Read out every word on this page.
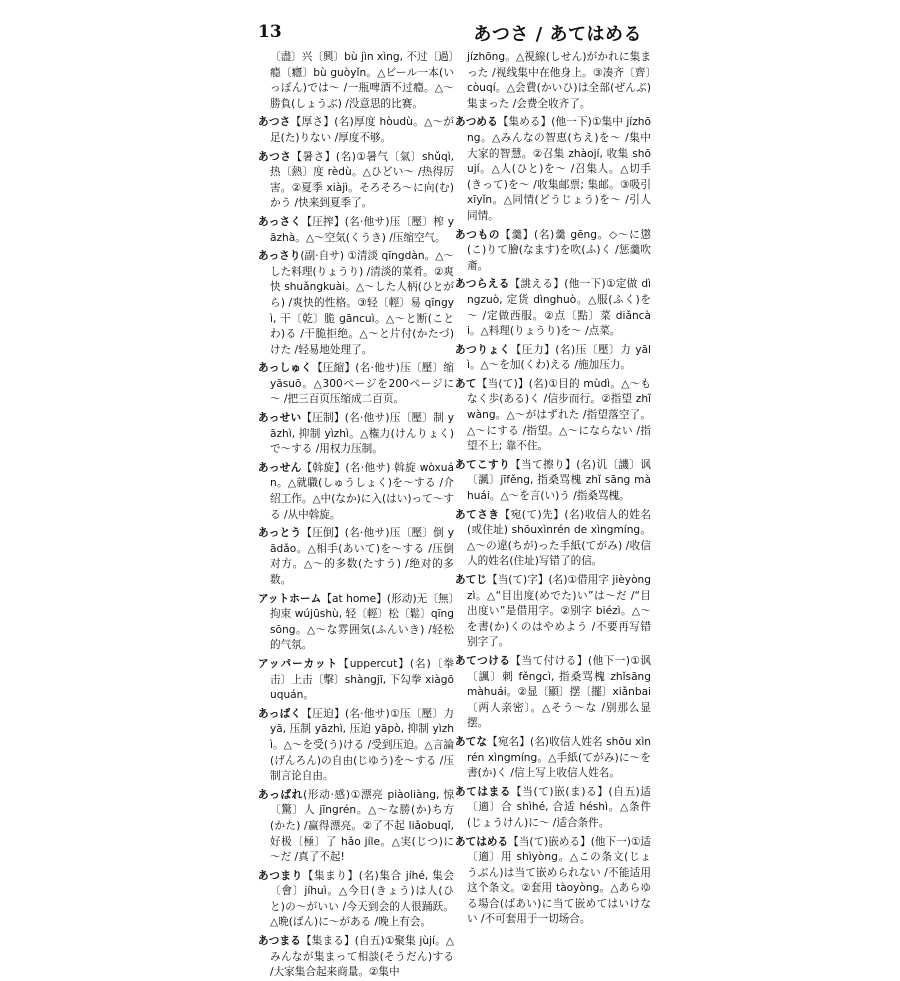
13	あつさ / あてはめる

〔盡〕兴〔興〕bù jìn xìng, 不过〔過〕瘾〔癮〕bù guòyǐn。△ビール一本(いっぽん)では～ /一瓶啤酒不过瘾。△～勝負(しょうぶ) /没意思的比赛。

あつさ【厚さ】(名)厚度 hòudù。△～が足(た)りない /厚度不够。

あつさ【暑さ】(名)①暑气〔氣〕shǔqì, 热〔熱〕度 rèdù。△ひどい～ /热得厉害。②夏季 xiàjì。そろそろ～に向(む)かう /快来到夏季了。

あっさく【圧搾】(名·他サ)压〔壓〕榨 yāzhà。△～空気(くうき) /压缩空气。

あっさり(副·自サ) ①清淡 qīngdàn。△～した料理(りょうり) /清淡的菜肴。②爽快 shuǎngkuài。△～した人柄(ひとがら) /爽快的性格。③轻〔輕〕易 qīngyì, 干〔乾〕脆 gāncuì。△～と断(ことわ)る /干脆拒绝。△～と片付(かたづ)けた /轻易地处理了。

あっしゅく【圧縮】(名·他サ)压〔壓〕缩 yāsuō。△300ページを200ページに～ /把三百页压缩成二百页。

あっせい【圧制】(名·他サ)压〔壓〕制 yāzhì, 抑制 yìzhì。△権力(けんりょく)で～する /用权力压制。

あっせん【斡旋】(名·他サ) 斡旋 wòxuán。△就職(しゅうしょく)を～する /介绍工作。△中(なか)に入(はい)って～する /从中斡旋。

あっとう【圧倒】(名·他サ)压〔壓〕倒 yādǎo。△相手(あいて)を～する /压倒对方。△～的多数(たすう) /绝对的多数。

アットホーム【at home】(形动)无〔無〕拘束 wújūshù, 轻〔輕〕松〔鬆〕qīng sōng。△～な雰囲気(ふんいき) /轻松的气氛。

アッパーカット【uppercut】(名)〔拳击〕上击〔擊〕shàngjī, 下勾拳 xiàgōuquán。

あっぱく【圧迫】(名·他サ)①压〔壓〕力 yā, 压制 yāzhì, 压迫 yāpò, 抑制 yìzhì。△～を受(う)ける /受到压迫。△言論(げんろん)の自由(じゆう)を～する /压制言论自由。

あっぱれ(形动·感)①漂亮 piàoliàng, 惊〔驚〕人 jīngrén。△～な勝(か)ち方(かた) /赢得漂亮。②了不起 liǎobuqǐ, 好极〔極〕了 hǎo jíle。△実(じつ)に～だ /真了不起!

あつまり【集まり】(名)集合 jíhé, 集会〔會〕jíhuì。△今日(きょう)は人(ひと)の～がいい /今天到会的人很踊跃。△晩(ばん)に～がある /晚上有会。

あつまる【集まる】(自五)①聚集 jùjí。△みんなが集まって相談(そうだん)する /大家集合起来商量。②集中

jízhōng。△視線(しせん)がかれに集まった /视线集中在他身上。③凑齐〔齊〕còuqí。△会費(かいひ)は全部(ぜんぶ)集まった /会费全收齐了。

あつめる【集める】(他一下)①集中 jízhōng。△みんなの智恵(ちえ)を～ /集中大家的智慧。②召集 zhàojí, 收集 shōují。△人(ひと)を～ /召集人。△切手(きって)を～ /收集邮票; 集邮。③吸引 xīyǐn。△同情(どうじょう)を～ /引人同情。

あつもの【羹】(名)羹 gēng。◇～に懲(こ)りて膾(なます)を吹(ふ)く /惩羹吹齑。

あつらえる【誂える】(他一下)①定做 dìngzuò, 定货 dìnghuò。△服(ふく)を～ /定做西服。②点〔點〕菜 diǎncài。△料理(りょうり)を～ /点菜。

あつりょく【圧力】(名)压〔壓〕力 yālì。△～を加(くわ)える /施加压力。

あて【当(て)】(名)①目的 mùdì。△～もなく歩(ある)く /信步而行。②指望 zhǐwàng。△～がはずれた /指望落空了。△～にする /指望。△～にならない /指望不上; 靠不住。

あてこすり【当て擦り】(名)讥〔譏〕讽〔諷〕jīfěng, 指桑骂槐 zhǐ sāng mà huái。△～を言(い)う /指桑骂槐。

あてさき【宛(て)先】(名)收信人的姓名(或住址) shōuxìnrén de xìngmíng。△～の違(ちが)った手紙(てがみ) /收信人的姓名(住址)写错了的信。

あてじ【当(て)字】(名)①借用字 jièyòngzì。△“目出度(めでた)い”は～だ /“目出度い”是借用字。②别字 biézì。△～を書(か)くのはやめよう /不要再写错别字了。

あてつける【当て付ける】(他下一)①讽〔諷〕刺 fěngcì, 指桑骂槐 zhǐsāng màhuái。②显〔顯〕摆〔擺〕xiǎnbai〔两人亲密〕。△そう～な /别那么显摆。

あてな【宛名】(名)收信人姓名 shōu xìnrén xìngmíng。△手紙(てがみ)に～を書(か)く /信上写上收信人姓名。

あてはまる【当(て)嵌(ま)る】(自五)适〔適〕合 shìhé, 合适 héshì。△条件(じょうけん)に～ /适合条件。

あてはめる【当(て)嵌める】(他下一)①适〔適〕用 shìyòng。△この条文(じょうぶん)は当て嵌められない /不能适用这个条文。②套用 tàoyòng。△あらゆる場合(ばあい)に当て嵌めてはいけない /不可套用于一切场合。
